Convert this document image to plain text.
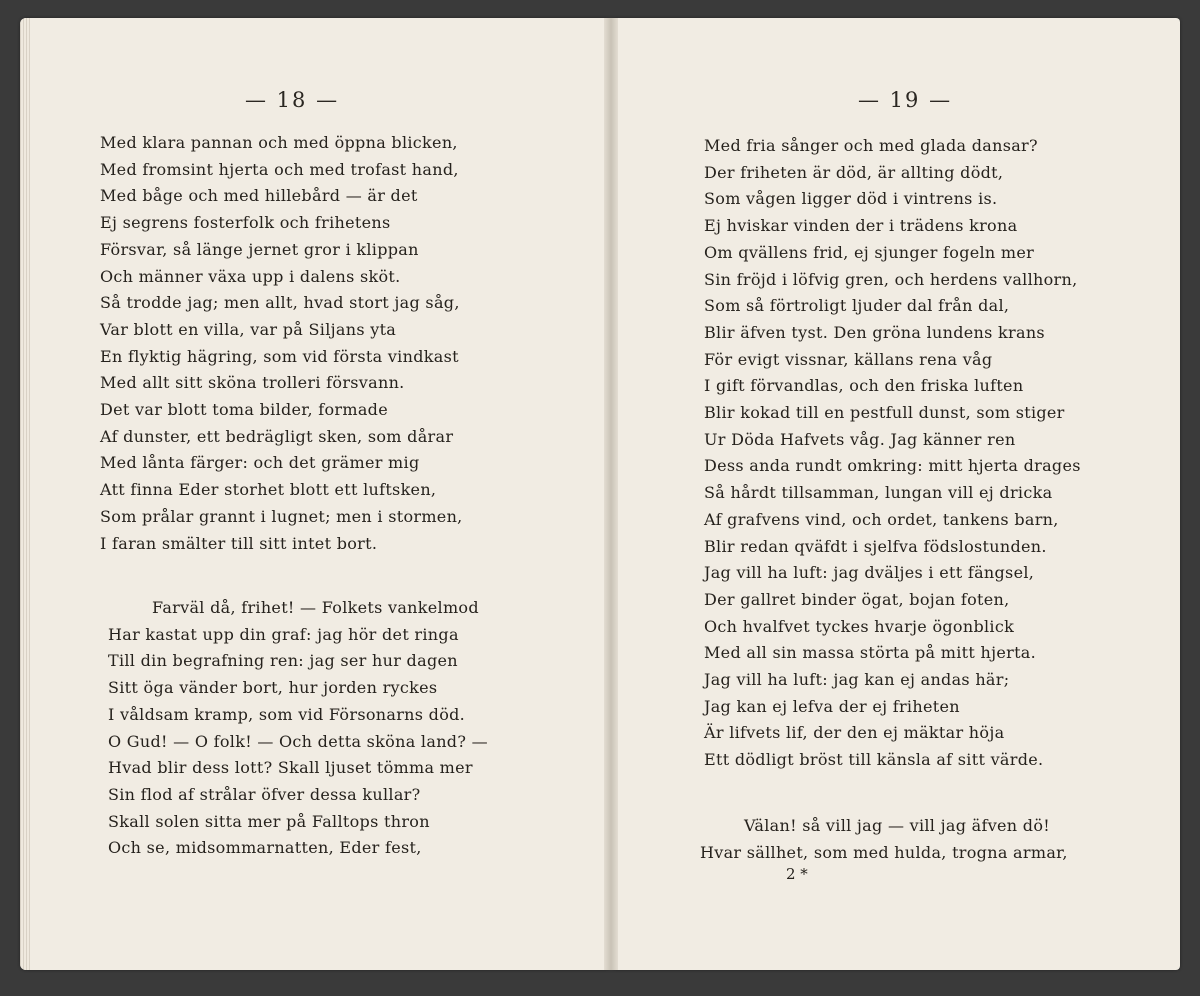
— 18 —	— 19 —
Med klara pannan och med öppna blicken,
Med fromsint hjerta och med trofast hand,
Med båge och med hillebård — är det
Ej segrens fosterfolk och frihetens
Försvar, så länge jernet gror i klippan
Och männer växa upp i dalens sköt.
Så trodde jag; men allt, hvad stort jag såg,
Var blott en villa, var på Siljans yta
En flyktig hägring, som vid första vindkast
Med allt sitt sköna trolleri försvann.
Det var blott toma bilder, formade
Af dunster, ett bedrägligt sken, som dårar
Med lånta färger: och det grämer mig
Att finna Eder storhet blott ett luftsken,
Som prålar grannt i lugnet; men i stormen,
I faran smälter till sitt intet bort.
Farväl då, frihet! — Folkets vankelmod
Har kastat upp din graf: jag hör det ringa
Till din begrafning ren: jag ser hur dagen
Sitt öga vänder bort, hur jorden ryckes
I våldsam kramp, som vid Försonarns död.
O Gud! — O folk! — Och detta sköna land? —
Hvad blir dess lott? Skall ljuset tömma mer
Sin flod af strålar öfver dessa kullar?
Skall solen sitta mer på Falltops thron
Och se, midsommarnatten, Eder fest,
Med fria sånger och med glada dansar?
Der friheten är död, är allting dödt,
Som vågen ligger död i vintrens is.
Ej hviskar vinden der i trädens krona
Om qvällens frid, ej sjunger fogeln mer
Sin fröjd i löfvig gren, och herdens vallhorn,
Som så förtroligt ljuder dal från dal,
Blir äfven tyst. Den gröna lundens krans
För evigt vissnar, källans rena våg
I gift förvandlas, och den friska luften
Blir kokad till en pestfull dunst, som stiger
Ur Döda Hafvets våg. Jag känner ren
Dess anda rundt omkring: mitt hjerta drages
Så hårdt tillsamman, lungan vill ej dricka
Af grafvens vind, och ordet, tankens barn,
Blir redan qväfdt i sjelfva födslostunden.
Jag vill ha luft: jag dväljes i ett fängsel,
Der gallret binder ögat, bojan foten,
Och hvalfvet tyckes hvarje ögonblick
Med all sin massa störta på mitt hjerta.
Jag vill ha luft: jag kan ej andas här;
Jag kan ej lefva der ej friheten
Är lifvets lif, der den ej mäktar höja
Ett dödligt bröst till känsla af sitt värde.
Välan! så vill jag — vill jag äfven dö!
Hvar sällhet, som med hulda, trogna armar,
2 *
